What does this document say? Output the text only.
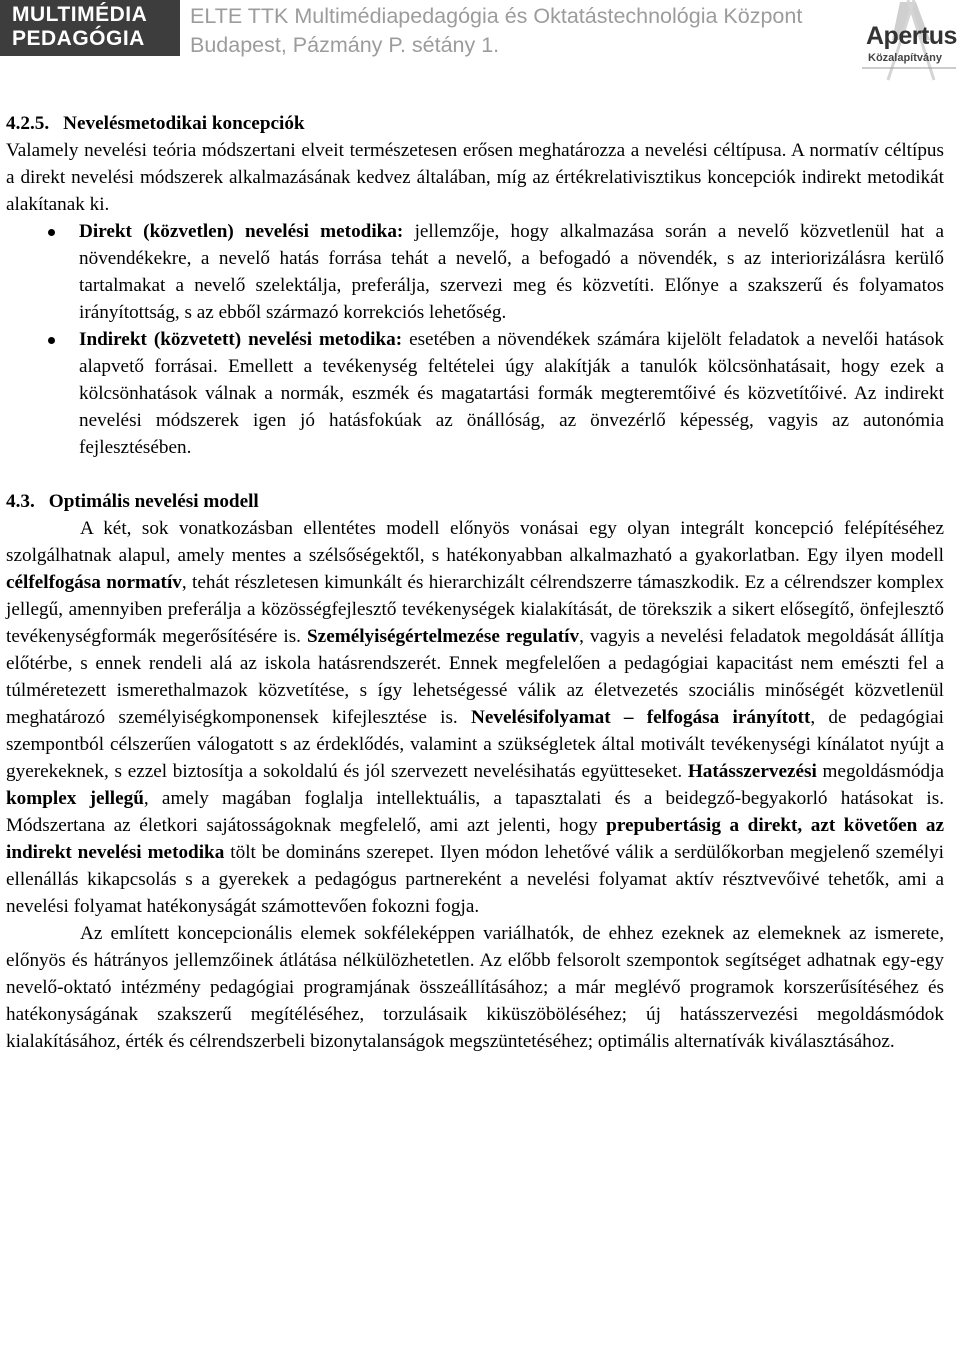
MULTIMÉDIA
PEDAGÓGIA
ELTE TTK Multimédiapedagógia és Oktatástechnológia Központ
Budapest, Pázmány P. sétány 1.	Apertus
Közalapítvány
4.2.5. Nevelésmetodikai koncepciók

Valamely nevelési teória módszertani elveit természetesen erősen meghatározza a nevelési céltípusa. A normatív céltípus a direkt nevelési módszerek alkalmazásának kedvez általában, míg az értékrelativisztikus koncepciók indirekt metodikát alakítanak ki.

Direkt (közvetlen) nevelési metodika: jellemzője, hogy alkalmazása során a nevelő közvetlenül hat a növendékekre, a nevelő hatás forrása tehát a nevelő, a befogadó a növendék, s az interiorizálásra kerülő tartalmakat a nevelő szelektálja, preferálja, szervezi meg és közvetíti. Előnye a szakszerű és folyamatos irányítottság, s az ebből származó korrekciós lehetőség.
Indirekt (közvetett) nevelési metodika: esetében a növendékek számára kijelölt feladatok a nevelői hatások alapvető forrásai. Emellett a tevékenység feltételei úgy alakítják a tanulók kölcsönhatásait, hogy ezek a kölcsönhatások válnak a normák, eszmék és magatartási formák megteremtőivé és közvetítőivé. Az indirekt nevelési módszerek igen jó hatásfokúak az önállóság, az önvezérlő képesség, vagyis az autonómia fejlesztésében.
4.3. Optimális nevelési modell

A két, sok vonatkozásban ellentétes modell előnyös vonásai egy olyan integrált koncepció felépítéséhez szolgálhatnak alapul, amely mentes a szélsőségektől, s hatékonyabban alkalmazható a gyakorlatban. Egy ilyen modell célfelfogása normatív, tehát részletesen kimunkált és hierarchizált célrendszerre támaszkodik. Ez a célrendszer komplex jellegű, amennyiben preferálja a közösségfejlesztő tevékenységek kialakítását, de törekszik a sikert elősegítő, önfejlesztő tevékenységformák megerősítésére is. Személyiségértelmezése regulatív, vagyis a nevelési feladatok megoldását állítja előtérbe, s ennek rendeli alá az iskola hatásrendszerét. Ennek megfelelően a pedagógiai kapacitást nem emészti fel a túlméretezett ismerethalmazok közvetítése, s így lehetségessé válik az életvezetés szociális minőségét közvetlenül meghatározó személyiségkomponensek kifejlesztése is. Nevelésifolyamat – felfogása irányított, de pedagógiai szempontból célszerűen válogatott s az érdeklődés, valamint a szükségletek által motivált tevékenységi kínálatot nyújt a gyerekeknek, s ezzel biztosítja a sokoldalú és jól szervezett nevelésihatás együtteseket. Hatásszervezési megoldásmódja komplex jellegű, amely magában foglalja intellektuális, a tapasztalati és a beidegző-begyakorló hatásokat is. Módszertana az életkori sajátosságoknak megfelelő, ami azt jelenti, hogy prepubertásig a direkt, azt követően az indirekt nevelési metodika tölt be domináns szerepet. Ilyen módon lehetővé válik a serdülőkorban megjelenő személyi ellenállás kikapcsolás s a gyerekek a pedagógus partnereként a nevelési folyamat aktív résztvevőivé tehetők, ami a nevelési folyamat hatékonyságát számottevően fokozni fogja.

Az említett koncepcionális elemek sokféleképpen variálhatók, de ehhez ezeknek az elemeknek az ismerete, előnyös és hátrányos jellemzőinek átlátása nélkülözhetetlen. Az előbb felsorolt szempontok segítséget adhatnak egy-egy nevelő-oktató intézmény pedagógiai programjának összeállításához; a már meglévő programok korszerűsítéséhez és hatékonyságának szakszerű megítéléséhez, torzulásaik kiküszöböléséhez; új hatásszervezési megoldásmódok kialakításához, érték és célrendszerbeli bizonytalanságok megszüntetéséhez; optimális alternatívák kiválasztásához.
